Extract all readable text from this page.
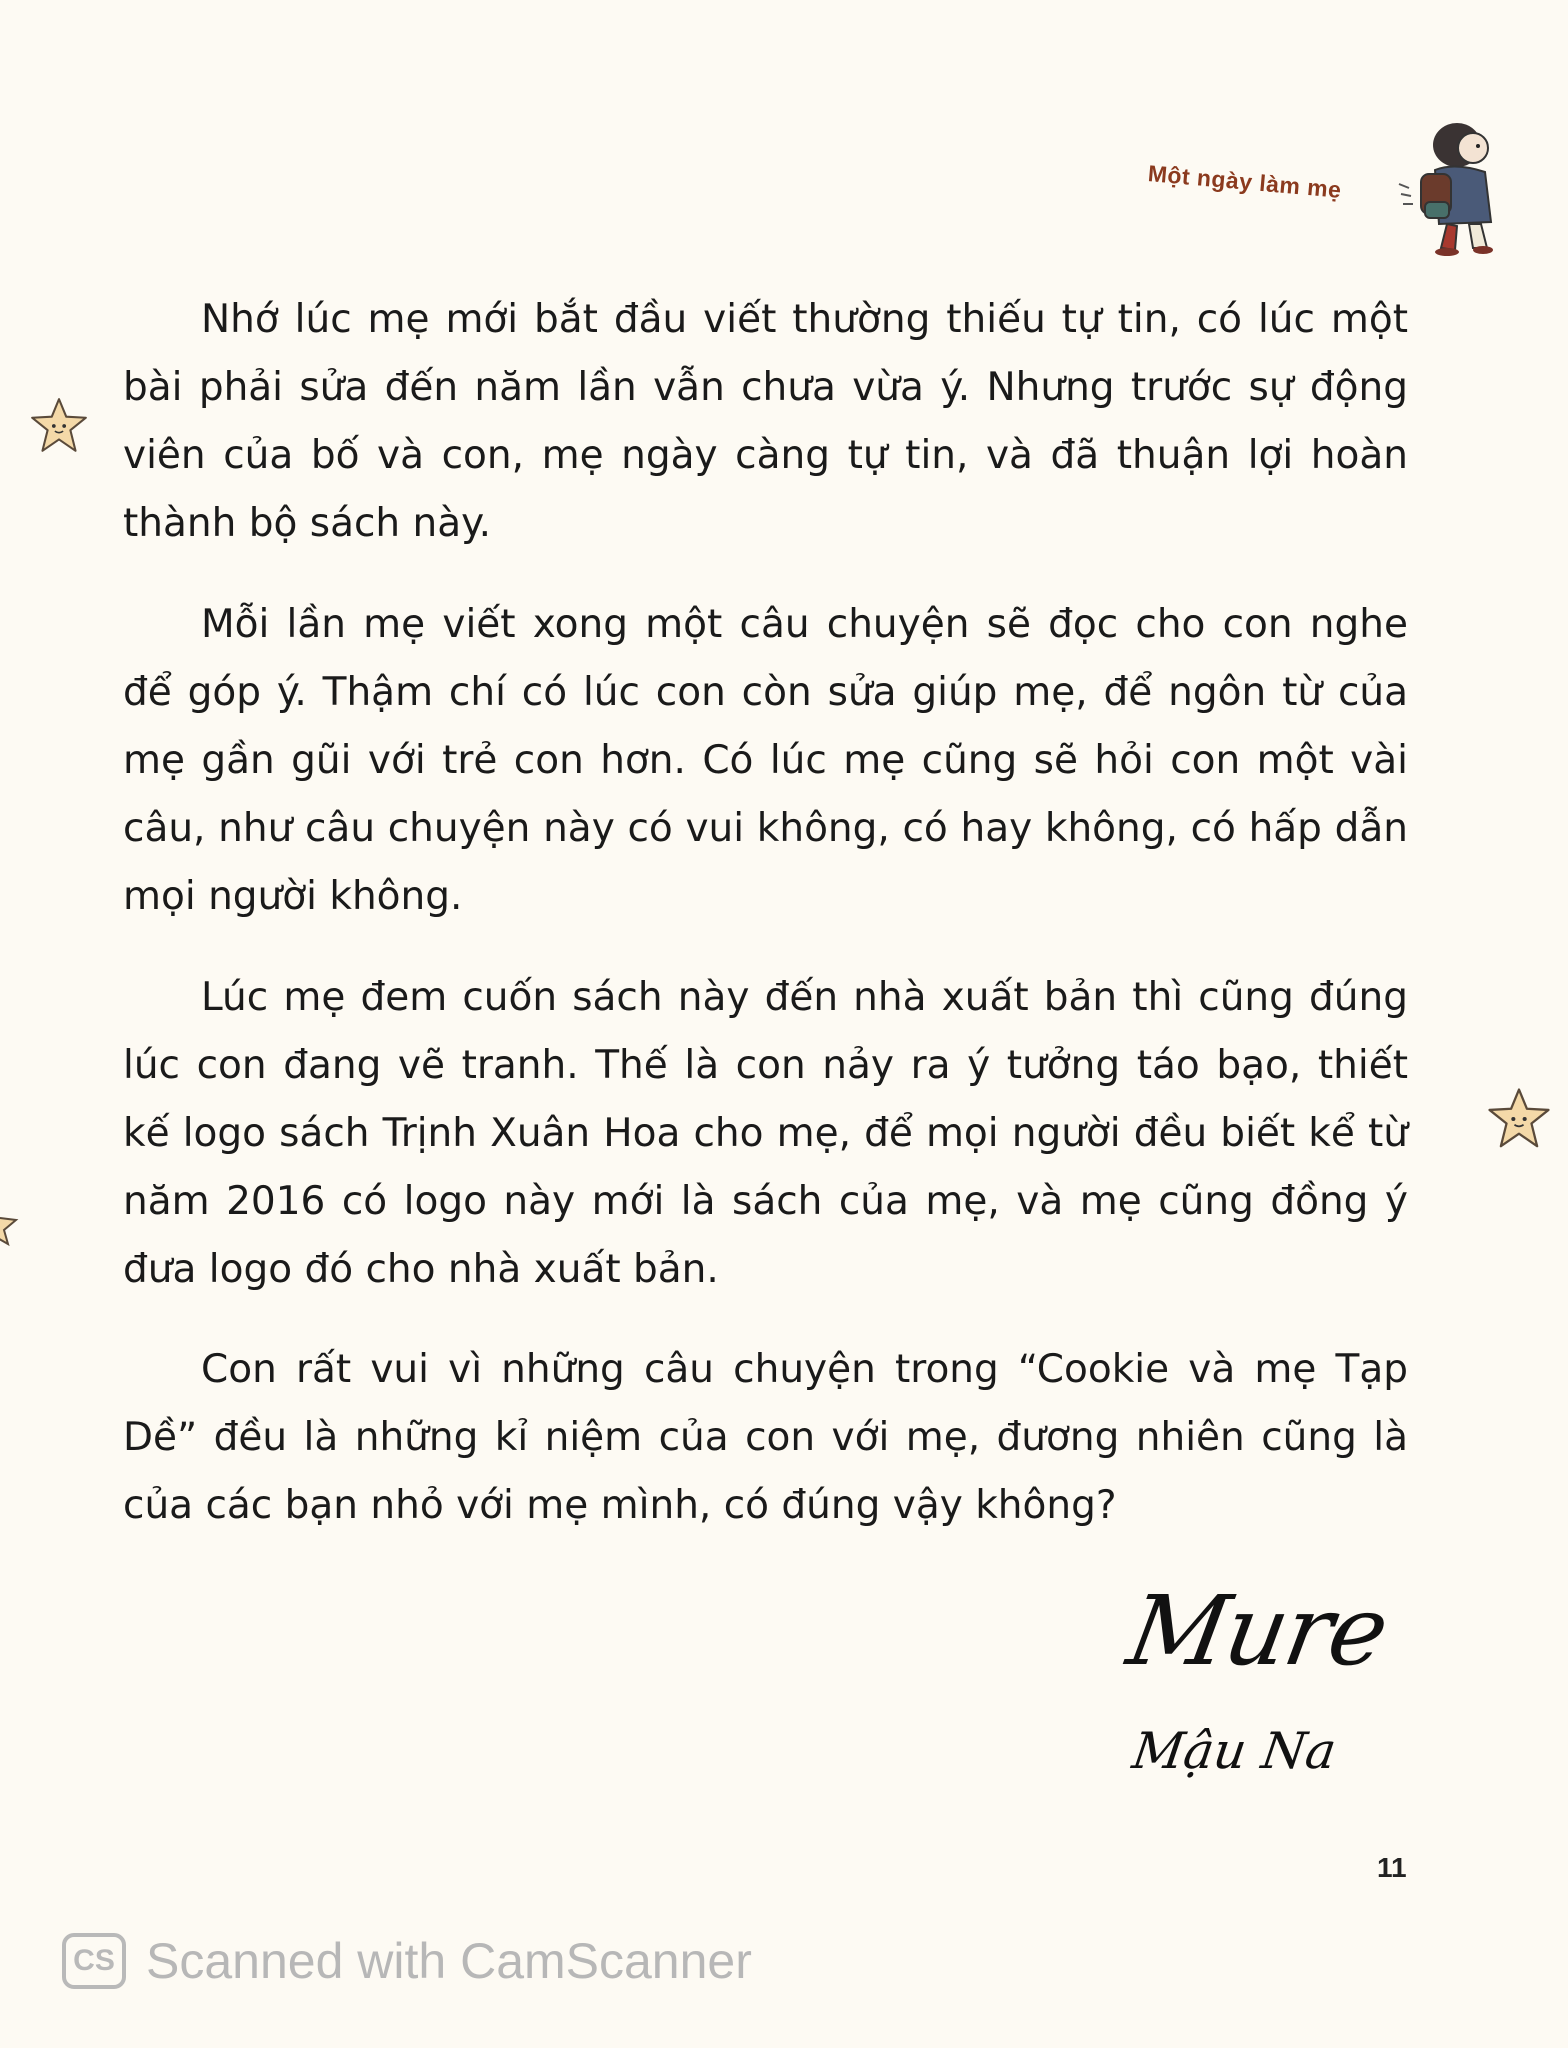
Một ngày làm mẹ

Nhớ lúc mẹ mới bắt đầu viết thường thiếu tự tin, có lúc một bài phải sửa đến năm lần vẫn chưa vừa ý. Nhưng trước sự động viên của bố và con, mẹ ngày càng tự tin, và đã thuận lợi hoàn thành bộ sách này.

Mỗi lần mẹ viết xong một câu chuyện sẽ đọc cho con nghe để góp ý. Thậm chí có lúc con còn sửa giúp mẹ, để ngôn từ của mẹ gần gũi với trẻ con hơn. Có lúc mẹ cũng sẽ hỏi con một vài câu, như câu chuyện này có vui không, có hay không, có hấp dẫn mọi người không.

Lúc mẹ đem cuốn sách này đến nhà xuất bản thì cũng đúng lúc con đang vẽ tranh. Thế là con nảy ra ý tưởng táo bạo, thiết kế logo sách Trịnh Xuân Hoa cho mẹ, để mọi người đều biết kể từ năm 2016 có logo này mới là sách của mẹ, và mẹ cũng đồng ý đưa logo đó cho nhà xuất bản.

Con rất vui vì những câu chuyện trong “Cookie và mẹ Tạp Dề” đều là những kỉ niệm của con với mẹ, đương nhiên cũng là của các bạn nhỏ với mẹ mình, có đúng vậy không?

Mure
11
CS Scanned with CamScanner
Mậu Na
